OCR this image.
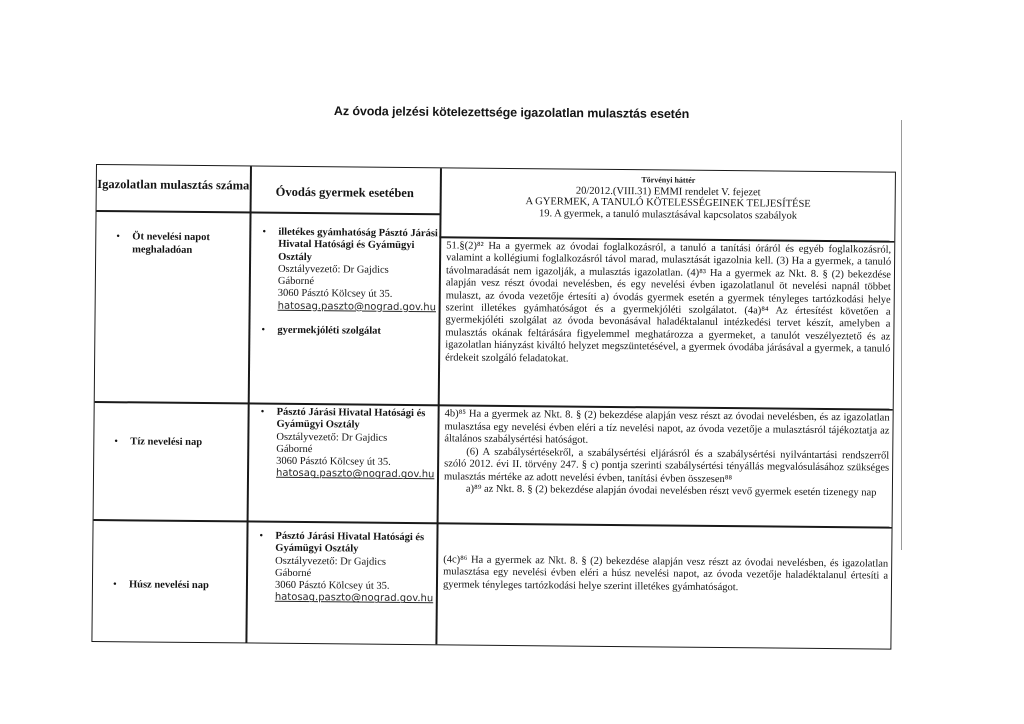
Az óvoda jelzési kötelezettsége igazolatlan mulasztás esetén
Igazolatlan mulasztás száma	Óvodás gyermek esetében
Törvényi háttér
20/2012.(VIII.31) EMMI rendelet V. fejezet
A GYERMEK, A TANULÓ KÖTELESSÉGEINEK TELJESÍTÉSE
19. A gyermek, a tanuló mulasztásával kapcsolatos szabályok
• Öt nevelési napot meghaladóan
• illetékes gyámhatóság Pásztó Járási Hivatal Hatósági és Gyámügyi Osztály
Osztályvezető: Dr Gajdics
Gáborné
3060 Pásztó Kölcsey út 35.
hatosag.paszto@nograd.gov.hu
• gyermekjóléti szolgálat
51.§(2)⁸² Ha a gyermek az óvodai foglalkozásról, a tanuló a tanítási óráról és egyéb foglalkozásról, valamint a kollégiumi foglalkozásról távol marad, mulasztását igazolnia kell. (3) Ha a gyermek, a tanuló távolmaradását nem igazolják, a mulasztás igazolatlan. (4)⁸³ Ha a gyermek az Nkt. 8. § (2) bekezdése alapján vesz részt óvodai nevelésben, és egy nevelési évben igazolatlanul öt nevelési napnál többet mulaszt, az óvoda vezetője értesíti a) óvodás gyermek esetén a gyermek tényleges tartózkodási helye szerint illetékes gyámhatóságot és a gyermekjóléti szolgálatot. (4a)⁸⁴ Az értesítést követően a gyermekjóléti szolgálat az óvoda bevonásával haladéktalanul intézkedési tervet készít, amelyben a mulasztás okának feltárására figyelemmel meghatározza a gyermeket, a tanulót veszélyeztető és az igazolatlan hiányzást kiváltó helyzet megszüntetésével, a gyermek óvodába járásával a gyermek, a tanuló érdekeit szolgáló feladatokat.
• Tíz nevelési nap
• Pásztó Járási Hivatal Hatósági és Gyámügyi Osztály
Osztályvezető: Dr Gajdics
Gáborné
3060 Pásztó Kölcsey út 35.
hatosag.paszto@nograd.gov.hu
4b)⁸⁵ Ha a gyermek az Nkt. 8. § (2) bekezdése alapján vesz részt az óvodai nevelésben, és az igazolatlan mulasztása egy nevelési évben eléri a tíz nevelési napot, az óvoda vezetője a mulasztásról tájékoztatja az általános szabálysértési hatóságot.
(6) A szabálysértésekről, a szabálysértési eljárásról és a szabálysértési nyilvántartási rendszerről szóló 2012. évi II. törvény 247. § c) pontja szerinti szabálysértési tényállás megvalósulásához szükséges mulasztás mértéke az adott nevelési évben, tanítási évben összesen⁸⁸
a)⁸⁹ az Nkt. 8. § (2) bekezdése alapján óvodai nevelésben részt vevő gyermek esetén tizenegy nap
• Húsz nevelési nap
• Pásztó Járási Hivatal Hatósági és Gyámügyi Osztály
Osztályvezető: Dr Gajdics
Gáborné
3060 Pásztó Kölcsey út 35.
hatosag.paszto@nograd.gov.hu
(4c)⁸⁶ Ha a gyermek az Nkt. 8. § (2) bekezdése alapján vesz részt az óvodai nevelésben, és igazolatlan mulasztása egy nevelési évben eléri a húsz nevelési napot, az óvoda vezetője haladéktalanul értesíti a gyermek tényleges tartózkodási helye szerint illetékes gyámhatóságot.
